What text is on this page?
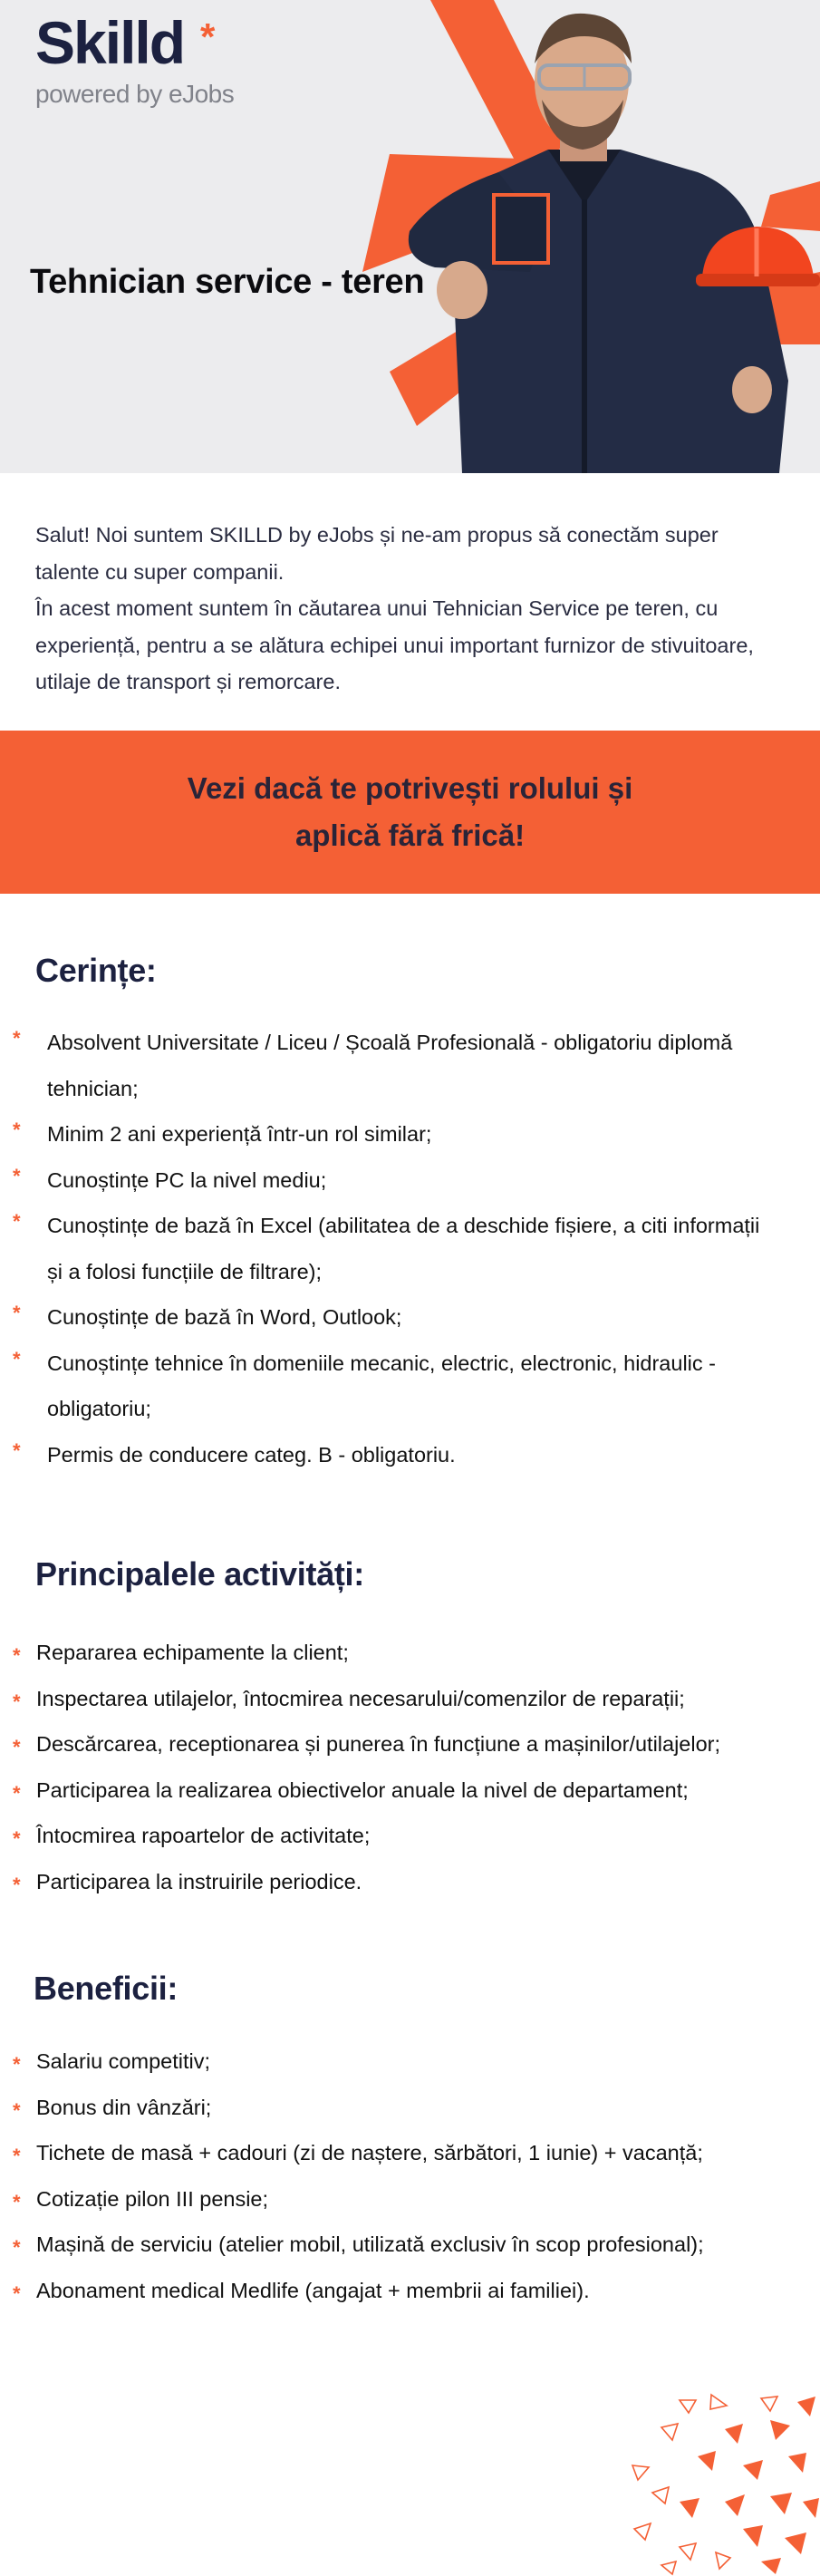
Skilld *
powered by eJobs
Tehnician service - teren

Salut! Noi suntem SKILLD by eJobs și ne-am propus să conectăm super talente cu super companii.

În acest moment suntem în căutarea unui Tehnician Service pe teren, cu experiență, pentru a se alătura echipei unui important furnizor de stivuitoare, utilaje de transport și remorcare.

Vezi dacă te potrivești rolului și
aplică fără frică!
Cerințe:
* Absolvent Universitate / Liceu / Școală Profesională - obligatoriu diplomă tehnician;
* Minim 2 ani experiență într-un rol similar;
* Cunoștințe PC la nivel mediu;
* Cunoștințe de bază în Excel (abilitatea de a deschide fișiere, a citi informații și a folosi funcțiile de filtrare);
* Cunoștințe de bază în Word, Outlook;
* Cunoștințe tehnice în domeniile mecanic, electric, electronic, hidraulic - obligatoriu;
* Permis de conducere categ. B - obligatoriu.
Principalele activități:
* Repararea echipamente la client;
* Inspectarea utilajelor, întocmirea necesarului/comenzilor de reparații;
* Descărcarea, receptionarea și punerea în funcțiune a mașinilor/utilajelor;
* Participarea la realizarea obiectivelor anuale la nivel de departament;
* Întocmirea rapoartelor de activitate;
* Participarea la instruirile periodice.
Beneficii:
* Salariu competitiv;
* Bonus din vânzări;
* Tichete de masă + cadouri (zi de naștere, sărbători, 1 iunie) + vacanță;
* Cotizație pilon III pensie;
* Mașină de serviciu (atelier mobil, utilizată exclusiv în scop profesional);
* Abonament medical Medlife (angajat + membrii ai familiei).
